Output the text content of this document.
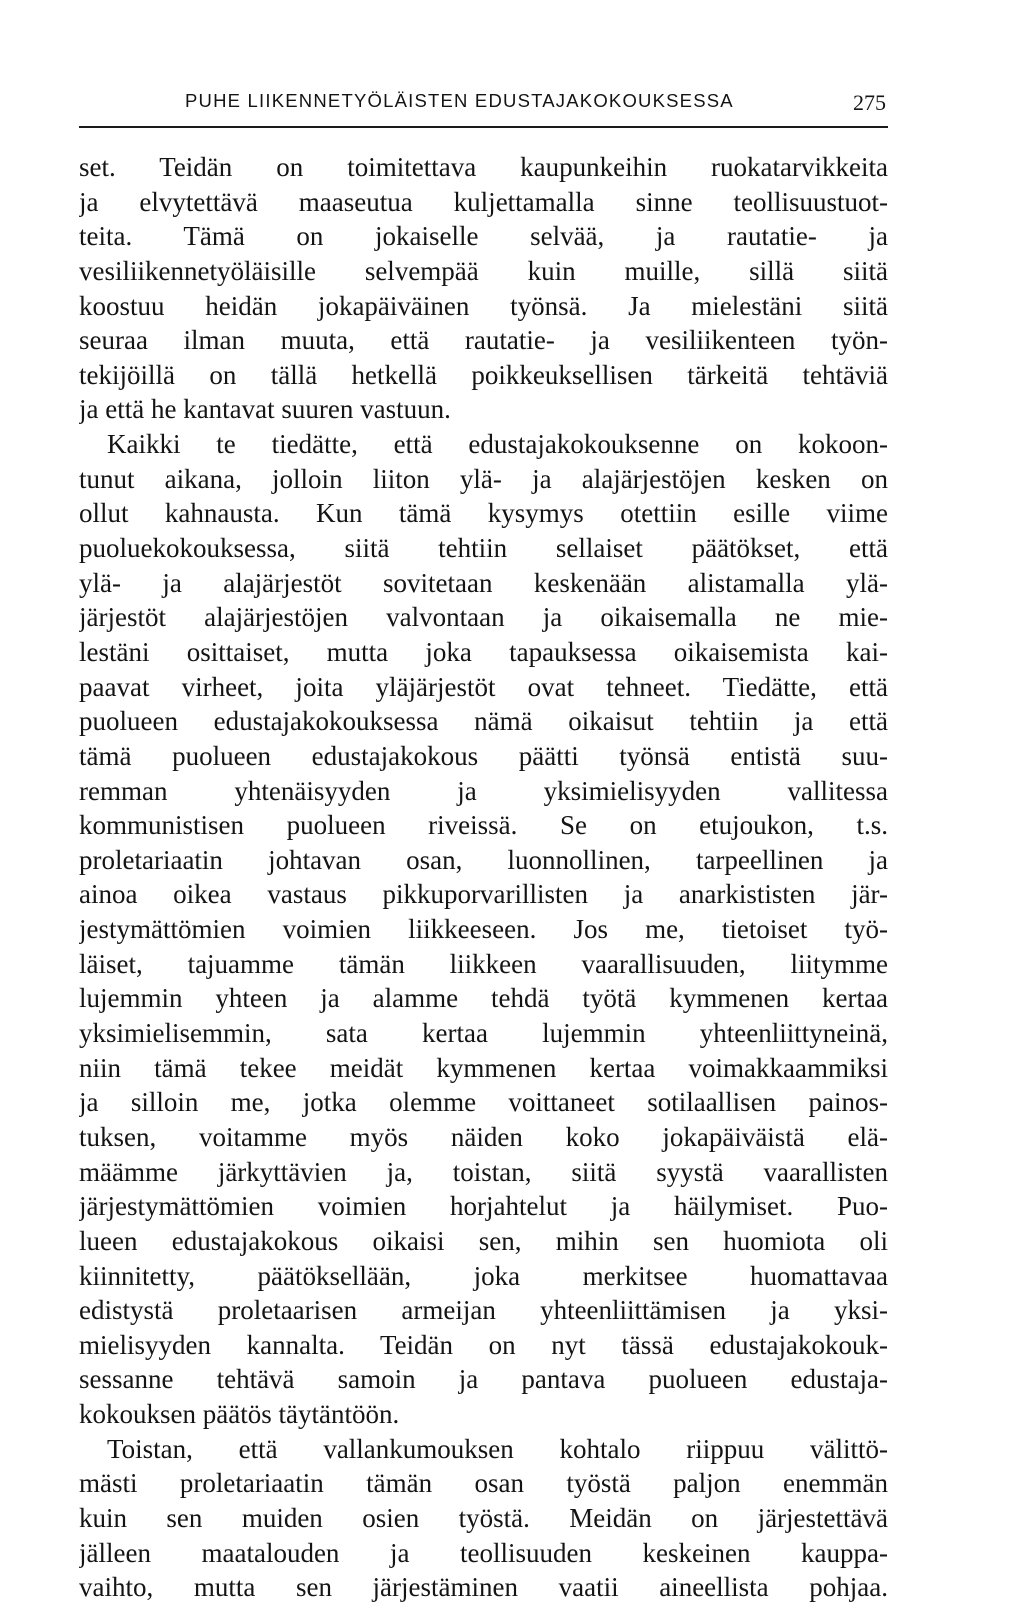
PUHE LIIKENNETYÖLÄISTEN EDUSTAJAKOKOUKSESSA	275
set. Teidän on toimitettava kaupunkeihin ruokatarvikkeita
ja elvytettävä maaseutua kuljettamalla sinne teollisuustuot-
teita. Tämä on jokaiselle selvää, ja rautatie- ja
vesiliikennetyöläisille selvempää kuin muille, sillä siitä
koostuu heidän jokapäiväinen työnsä. Ja mielestäni siitä
seuraa ilman muuta, että rautatie- ja vesiliikenteen työn-
tekijöillä on tällä hetkellä poikkeuksellisen tärkeitä tehtäviä
ja että he kantavat suuren vastuun.
Kaikki te tiedätte, että edustajakokouksenne on kokoon-
tunut aikana, jolloin liiton ylä- ja alajärjestöjen kesken on
ollut kahnausta. Kun tämä kysymys otettiin esille viime
puoluekokouksessa, siitä tehtiin sellaiset päätökset, että
ylä- ja alajärjestöt sovitetaan keskenään alistamalla ylä-
järjestöt alajärjestöjen valvontaan ja oikaisemalla ne mie-
lestäni osittaiset, mutta joka tapauksessa oikaisemista kai-
paavat virheet, joita yläjärjestöt ovat tehneet. Tiedätte, että
puolueen edustajakokouksessa nämä oikaisut tehtiin ja että
tämä puolueen edustajakokous päätti työnsä entistä suu-
remman yhtenäisyyden ja yksimielisyyden vallitessa
kommunistisen puolueen riveissä. Se on etujoukon, t.s.
proletariaatin johtavan osan, luonnollinen, tarpeellinen ja
ainoa oikea vastaus pikkuporvarillisten ja anarkististen jär-
jestymättömien voimien liikkeeseen. Jos me, tietoiset työ-
läiset, tajuamme tämän liikkeen vaarallisuuden, liitymme
lujemmin yhteen ja alamme tehdä työtä kymmenen kertaa
yksimielisemmin, sata kertaa lujemmin yhteenliittyneinä,
niin tämä tekee meidät kymmenen kertaa voimakkaammiksi
ja silloin me, jotka olemme voittaneet sotilaallisen painos-
tuksen, voitamme myös näiden koko jokapäiväistä elä-
määmme järkyttävien ja, toistan, siitä syystä vaarallisten
järjestymättömien voimien horjahtelut ja häilymiset. Puo-
lueen edustajakokous oikaisi sen, mihin sen huomiota oli
kiinnitetty, päätöksellään, joka merkitsee huomattavaa
edistystä proletaarisen armeijan yhteenliittämisen ja yksi-
mielisyyden kannalta. Teidän on nyt tässä edustajakokouk-
sessanne tehtävä samoin ja pantava puolueen edustaja-
kokouksen päätös täytäntöön.
Toistan, että vallankumouksen kohtalo riippuu välittö-
mästi proletariaatin tämän osan työstä paljon enemmän
kuin sen muiden osien työstä. Meidän on järjestettävä
jälleen maatalouden ja teollisuuden keskeinen kauppa-
vaihto, mutta sen järjestäminen vaatii aineellista pohjaa.
